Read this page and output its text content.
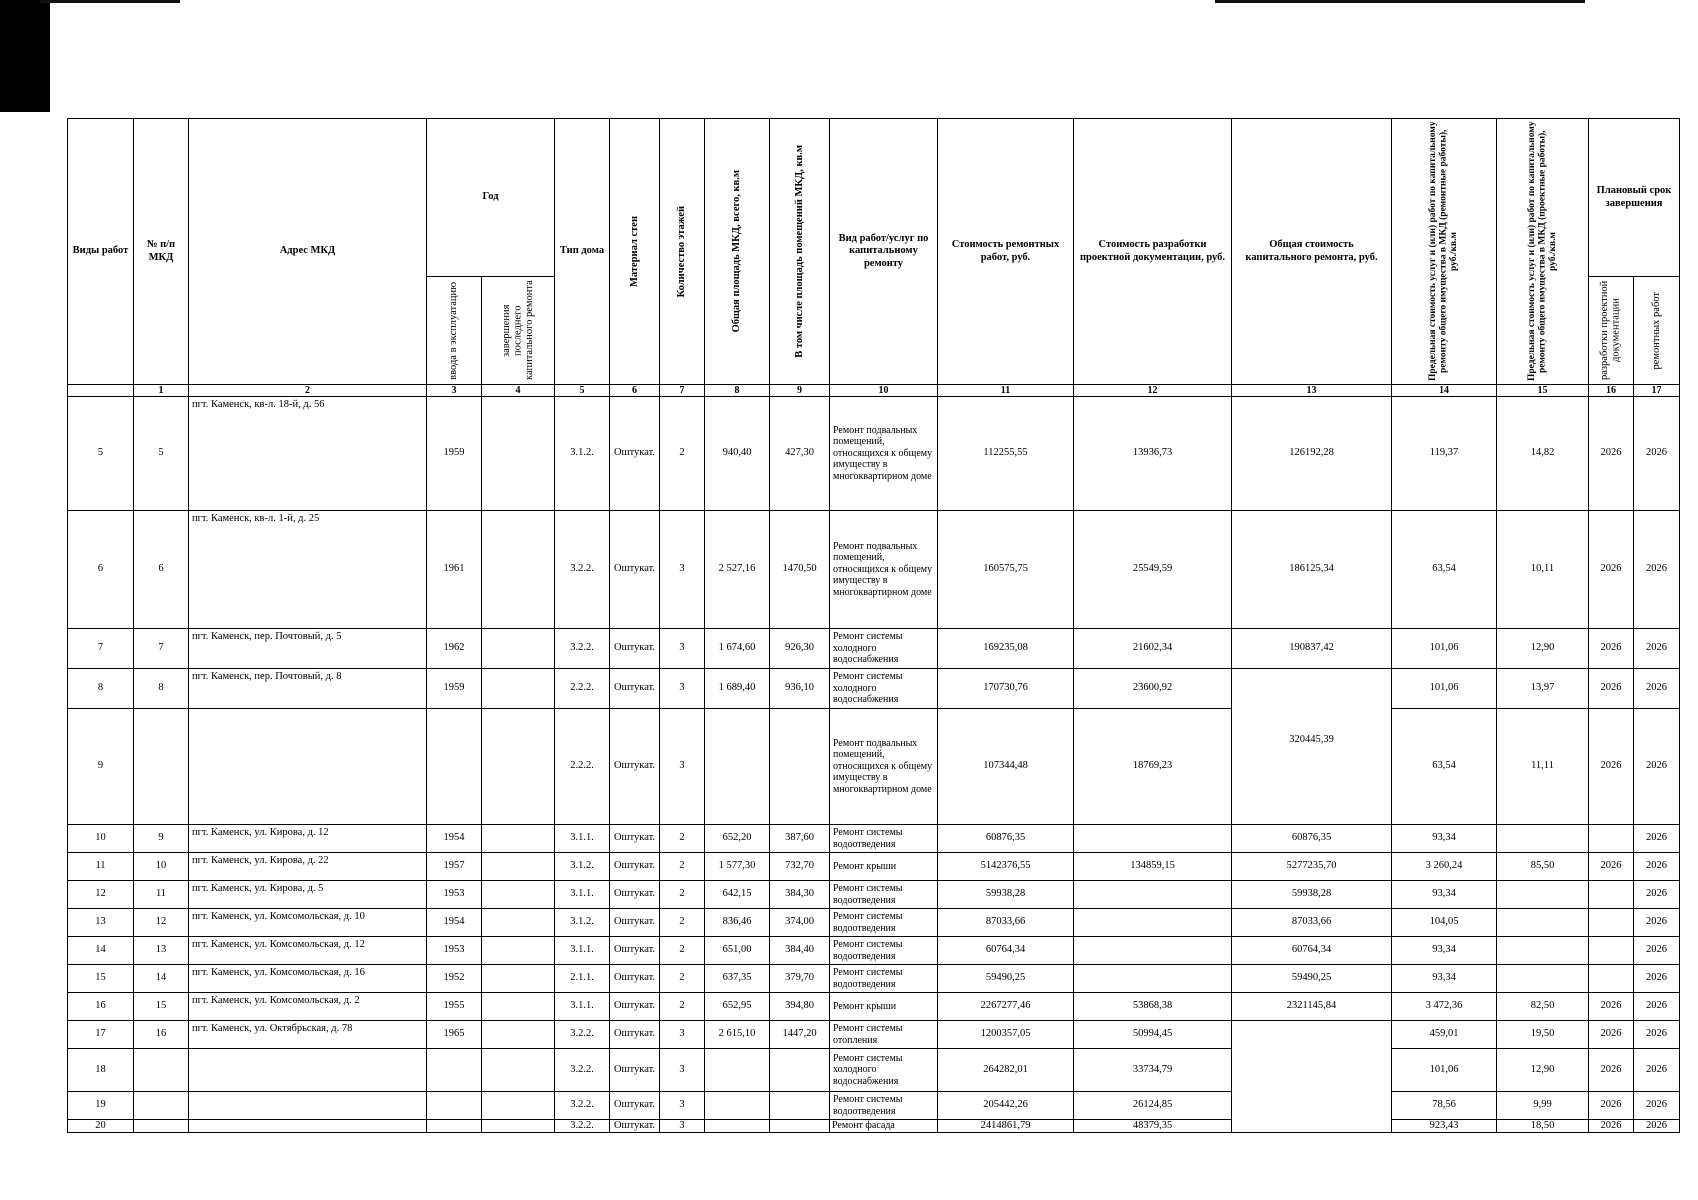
Виды работ	№ п/п МКД	Адрес МКД	Год		Тип дома	Материал стен	Количество этажей	Общая площадь МКД, всего, кв.м	В том числе площадь помещений МКД, кв.м	Вид работ/услуг по капитальному ремонту	Стоимость ремонтных работ, руб.	Стоимость разработки проектной документации, руб.	Общая стоимость капитального ремонта, руб.	Предельная стоимость услуг и (или) работ по капитальному ремонту общего имущества в МКД (ремонтные работы), руб./кв.м	Предельная стоимость услуг и (или) работ по капитальному ремонту общего имущества в МКД (проектные работы), руб./кв.м	Плановый срок завершения	

			ввода в эксплуатацию	завершения последнего капитального ремонта												разработки проектной документации	ремонтных работ

	1	2	3	4	5	6	7	8	9	10	11	12	13	14	15	16	17
5	5	пгт. Каменск, кв-л. 18-й, д. 56	1959		3.1.2.	Оштукат.	2	940,40	427,30	Ремонт подвальных помещений, относящихся к общему имуществу в многоквартирном доме	112255,55	13936,73	126192,28	119,37	14,82	2026	2026
6	6	пгт. Каменск, кв-л. 1-й, д. 25	1961		3.2.2.	Оштукат.	3	2 527,16	1470,50	Ремонт подвальных помещений, относящихся к общему имуществу в многоквартирном доме	160575,75	25549,59	186125,34	63,54	10,11	2026	2026
7	7	пгт. Каменск, пер. Почтовый, д. 5	1962		3.2.2.	Оштукат.	3	1 674,60	926,30	Ремонт системы холодного водоснабжения	169235,08	21602,34	190837,42	101,06	12,90	2026	2026
8	8	пгт. Каменск, пер. Почтовый, д. 8	1959		2.2.2.	Оштукат.	3	1 689,40	936,10	Ремонт системы холодного водоснабжения	170730,76	23600,92	320445,39	101,06	13,97	2026	2026
9					2.2.2.	Оштукат.	3			Ремонт подвальных помещений, относящихся к общему имуществу в многоквартирном доме	107344,48	18769,23		63,54	11,11	2026	2026
10	9	пгт. Каменск, ул. Кирова, д. 12	1954		3.1.1.	Оштукат.	2	652,20	387,60	Ремонт системы водоотведения	60876,35		60876,35	93,34			2026
11	10	пгт. Каменск, ул. Кирова, д. 22	1957		3.1.2.	Оштукат.	2	1 577,30	732,70	Ремонт крыши	5142376,55	134859,15	5277235,70	3 260,24	85,50	2026	2026
12	11	пгт. Каменск, ул. Кирова, д. 5	1953		3.1.1.	Оштукат.	2	642,15	384,30	Ремонт системы водоотведения	59938,28		59938,28	93,34			2026
13	12	пгт. Каменск, ул. Комсомольская, д. 10	1954		3.1.2.	Оштукат.	2	836,46	374,00	Ремонт системы водоотведения	87033,66		87033,66	104,05			2026
14	13	пгт. Каменск, ул. Комсомольская, д. 12	1953		3.1.1.	Оштукат.	2	651,00	384,40	Ремонт системы водоотведения	60764,34		60764,34	93,34			2026
15	14	пгт. Каменск, ул. Комсомольская, д. 16	1952		2.1.1.	Оштукат.	2	637,35	379,70	Ремонт системы водоотведения	59490,25		59490,25	93,34			2026
16	15	пгт. Каменск, ул. Комсомольская, д. 2	1955		3.1.1.	Оштукат.	2	652,95	394,80	Ремонт крыши	2267277,46	53868,38	2321145,84	3 472,36	82,50	2026	2026
17	16	пгт. Каменск, ул. Октябрьская, д. 78	1965		3.2.2.	Оштукат.	3	2 615,10	1447,20	Ремонт системы отопления	1200357,05	50994,45		459,01	19,50	2026	2026
18					3.2.2.	Оштукат.	3			Ремонт системы холодного водоснабжения	264282,01	33734,79		101,06	12,90	2026	2026
19					3.2.2.	Оштукат.	3			Ремонт системы водоотведения	205442,26	26124,85		78,56	9,99	2026	2026
20					3.2.2.	Оштукат.	3			Ремонт фасада	2414861,79	48379,35		923,43	18,50	2026	2026
